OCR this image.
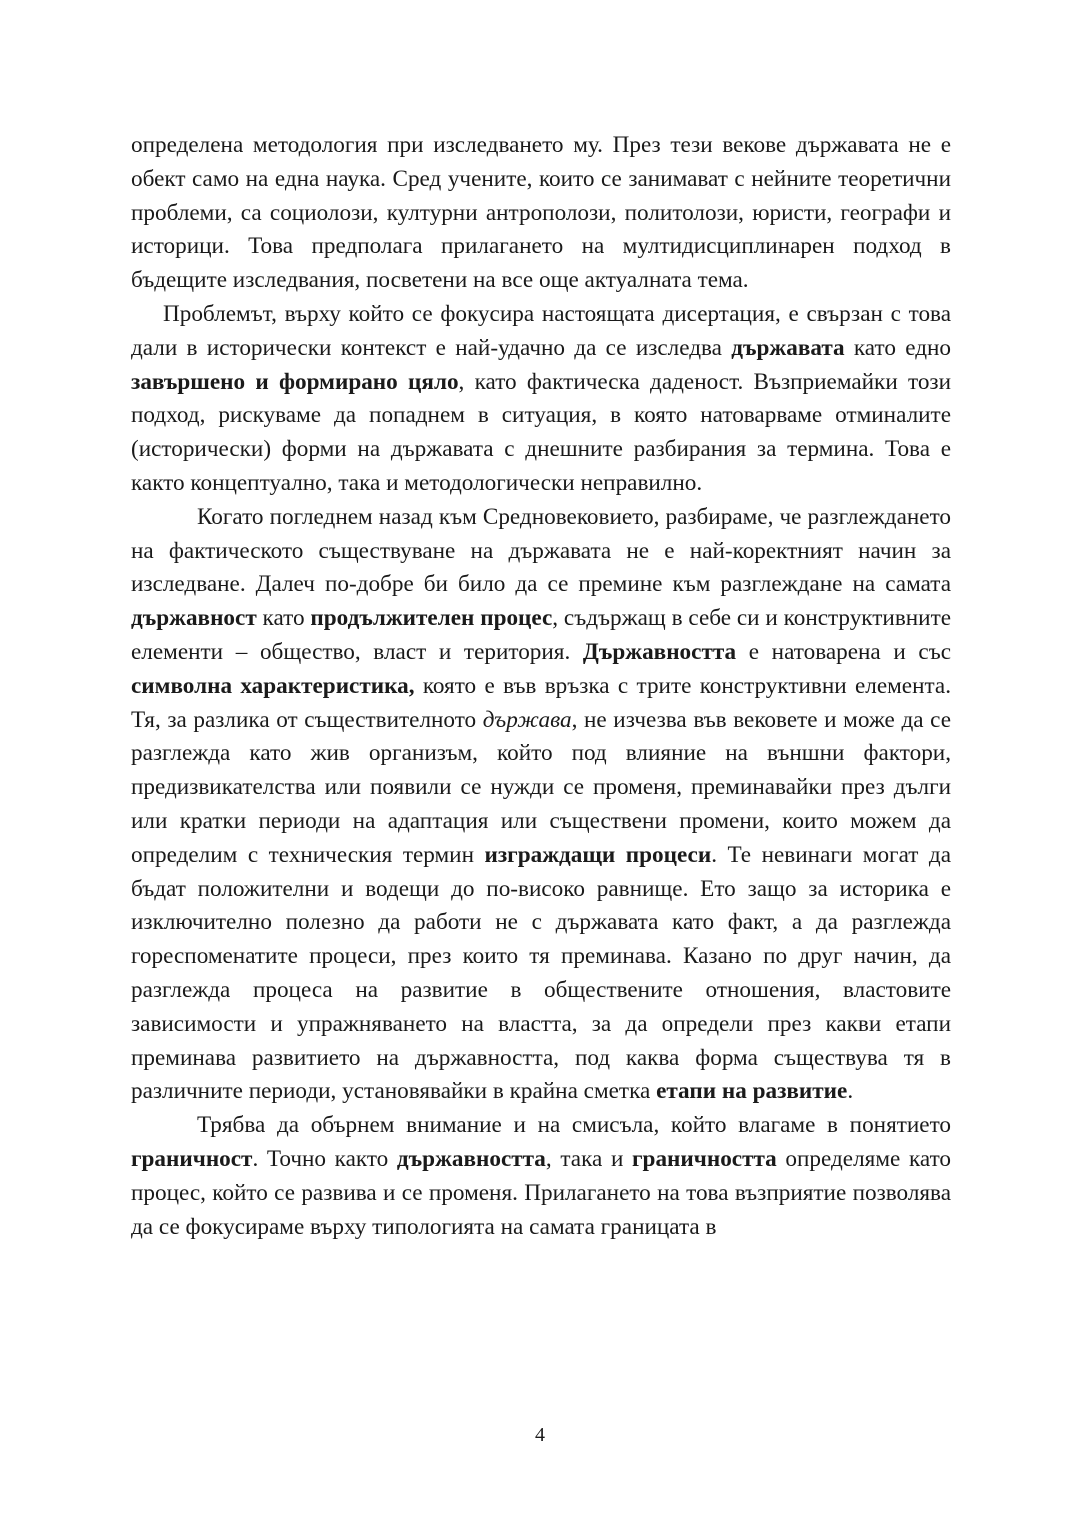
определена методология при изследването му. През тези векове държавата не е обект само на една наука. Сред учените, които се занимават с нейните теоретични проблеми, са социолози, културни антрополози, политолози, юристи, географи и историци. Това предполага прилагането на мултидисциплинарен подход в бъдещите изследвания, посветени на все още актуалната тема.

Проблемът, върху който се фокусира настоящата дисертация, е свързан с това дали в исторически контекст е най-удачно да се изследва държавата като едно завършено и формирано цяло, като фактическа даденост. Възприемайки този подход, рискуваме да попаднем в ситуация, в която натоварваме отминалите (исторически) форми на държавата с днешните разбирания за термина. Това е както концептуално, така и методологически неправилно.

Когато погледнем назад към Средновековието, разбираме, че разглеждането на фактическото съществуване на държавата не е най-коректният начин за изследване. Далеч по-добре би било да се премине към разглеждане на самата държавност като продължителен процес, съдържащ в себе си и конструктивните елементи – общество, власт и територия. Държавността е натоварена и със символна характеристика, която е във връзка с трите конструктивни елемента. Тя, за разлика от съществителното държава, не изчезва във вековете и може да се разглежда като жив организъм, който под влияние на външни фактори, предизвикателства или появили се нужди се променя, преминавайки през дълги или кратки периоди на адаптация или съществени промени, които можем да определим с техническия термин изграждащи процеси. Те невинаги могат да бъдат положителни и водещи до по-високо равнище. Ето защо за историка е изключително полезно да работи не с държавата като факт, а да разглежда гореспоменатите процеси, през които тя преминава. Казано по друг начин, да разглежда процеса на развитие в обществените отношения, властовите зависимости и упражняването на властта, за да определи през какви етапи преминава развитието на държавността, под каква форма съществува тя в различните периоди, установявайки в крайна сметка етапи на развитие.

Трябва да обърнем внимание и на смисъла, който влагаме в понятието граничност. Точно както държавността, така и граничността определяме като процес, който се развива и се променя. Прилагането на това възприятие позволява да се фокусираме върху типологията на самата границата в

4
